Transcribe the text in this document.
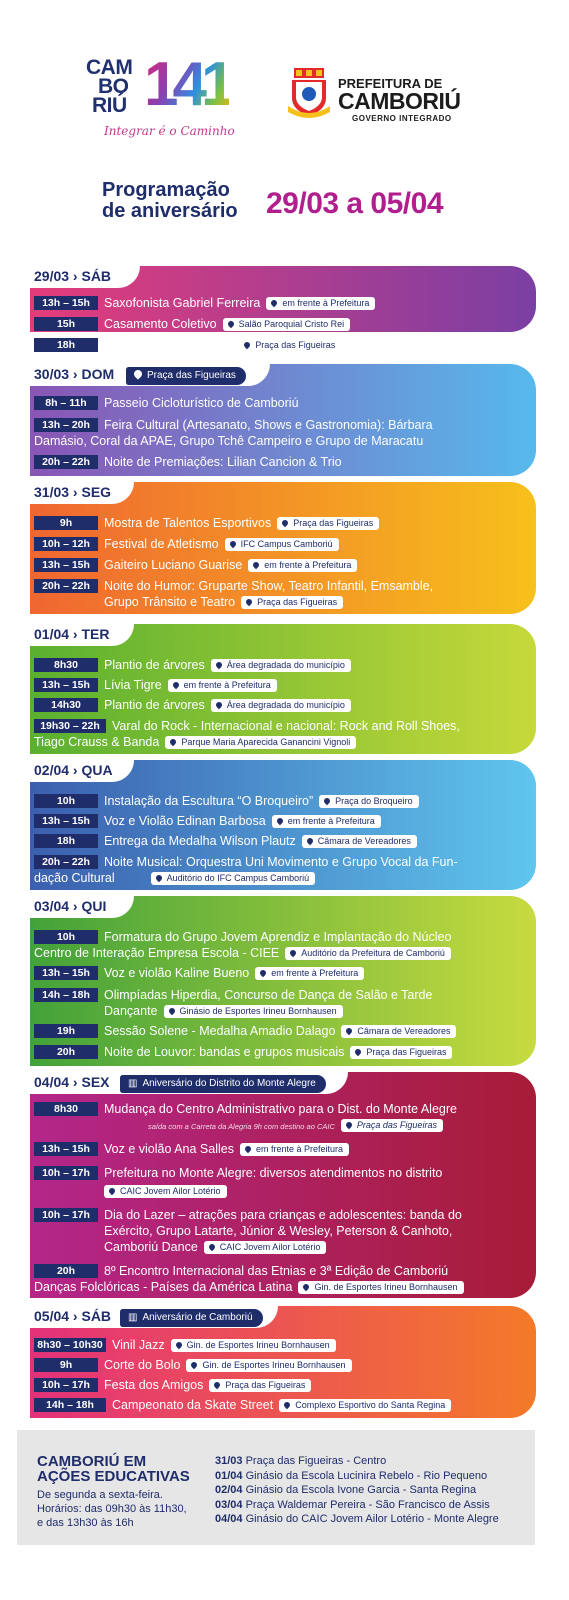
CAM
BO
RIÚ 141
Integrar é o Caminho
PREFEITURA DE
CAMBORIÚ
GOVERNO INTEGRADO
Programação
de aniversário 29/03 a 05/04
29/03 › SÁB
13h – 15h	Saxofonista Gabriel Ferreira em frente à Prefeitura
15h	Casamento Coletivo Salão Paroquial Cristo Rei
18h	Celebração Ecumênica Praça das Figueiras
30/03 › DOM	Praça das Figueiras
8h – 11h	Passeio Cicloturístico de Camboriú
13h – 20h	Feira Cultural (Artesanato, Shows e Gastronomia): Bárbara
Damásio, Coral da APAE, Grupo Tchê Campeiro e Grupo de Maracatu
20h – 22h	Noite de Premiações: Lilian Cancion & Trio
31/03 › SEG
9h	Mostra de Talentos Esportivos Praça das Figueiras
10h – 12h	Festival de Atletismo IFC Campus Camboriú
13h – 15h	Gaiteiro Luciano Guarise em frente à Prefeitura
20h – 22h	Noite do Humor: Gruparte Show, Teatro Infantil, Emsamble,
Grupo Trânsito e Teatro Praça das Figueiras
01/04 › TER
8h30	Plantio de árvores Área degradada do município
13h – 15h	Lívia Tigre em frente à Prefeitura
14h30	Plantio de árvores Área degradada do município
19h30 – 22h Varal do Rock - Internacional e nacional: Rock and Roll Shoes,
Tiago Crauss & Banda Parque Maria Aparecida Ganancini Vignoli
02/04 › QUA
10h	Instalação da Escultura “O Broqueiro” Praça do Broqueiro
13h – 15h	Voz e Violão Edinan Barbosa em frente à Prefeitura
18h	Entrega da Medalha Wilson Plautz Câmara de Vereadores
20h – 22h	Noite Musical: Orquestra Uni Movimento e Grupo Vocal da Fun-
dação Cultural	Auditório do IFC Campus Camboriú
03/04 › QUI
10h	Formatura do Grupo Jovem Aprendiz e Implantação do Núcleo
Centro de Interação Empresa Escola - CIEE Auditório da Prefeitura de Camboriú
13h – 15h	Voz e violão Kaline Bueno em frente à Prefeitura
14h – 18h	Olimpíadas Hiperdia, Concurso de Dança de Salão e Tarde
Dançante Ginásio de Esportes Irineu Bornhausen
19h	Sessão Solene - Medalha Amadio Dalago Câmara de Vereadores
20h	Noite de Louvor: bandas e grupos musicais Praça das Figueiras
04/04 › SEX	▥ Aniversário do Distrito do Monte Alegre
8h30	Mudança do Centro Administrativo para o Dist. do Monte Alegre
saída com a Carreta da Alegria 9h com destino ao CAIC Praça das Figueiras
13h – 15h	Voz e violão Ana Salles em frente à Prefeitura
10h – 17h	Prefeitura no Monte Alegre: diversos atendimentos no distrito
CAIC Jovem Ailor Lotério
10h – 17h	Dia do Lazer – atrações para crianças e adolescentes: banda do
Exército, Grupo Latarte, Júnior & Wesley, Peterson & Canhoto,
Camboriú Dance CAIC Jovem Ailor Lotério
20h	8º Encontro Internacional das Etnias e 3ª Edição de Camboriú
Danças Folclóricas - Países da América Latina Gin. de Esportes Irineu Bornhausen
05/04 › SÁB	▥ Aniversário de Camboriú
8h30 – 10h30 Vinil Jazz Gin. de Esportes Irineu Bornhausen
9h	Corte do Bolo Gin. de Esportes Irineu Bornhausen
10h – 17h	Festa dos Amigos Praça das Figueiras
14h – 18h	Campeonato da Skate Street Complexo Esportivo do Santa Regina
CAMBORIÚ EM
AÇÕES EDUCATIVAS
De segunda a sexta-feira.
Horários: das 09h30 às 11h30,
e das 13h30 às 16h
31/03 Praça das Figueiras - Centro
01/04 Ginásio da Escola Lucinira Rebelo - Rio Pequeno
02/04 Ginásio da Escola Ivone Garcia - Santa Regina
03/04 Praça Waldemar Pereira - São Francisco de Assis
04/04 Ginásio do CAIC Jovem Ailor Lotério - Monte Alegre
